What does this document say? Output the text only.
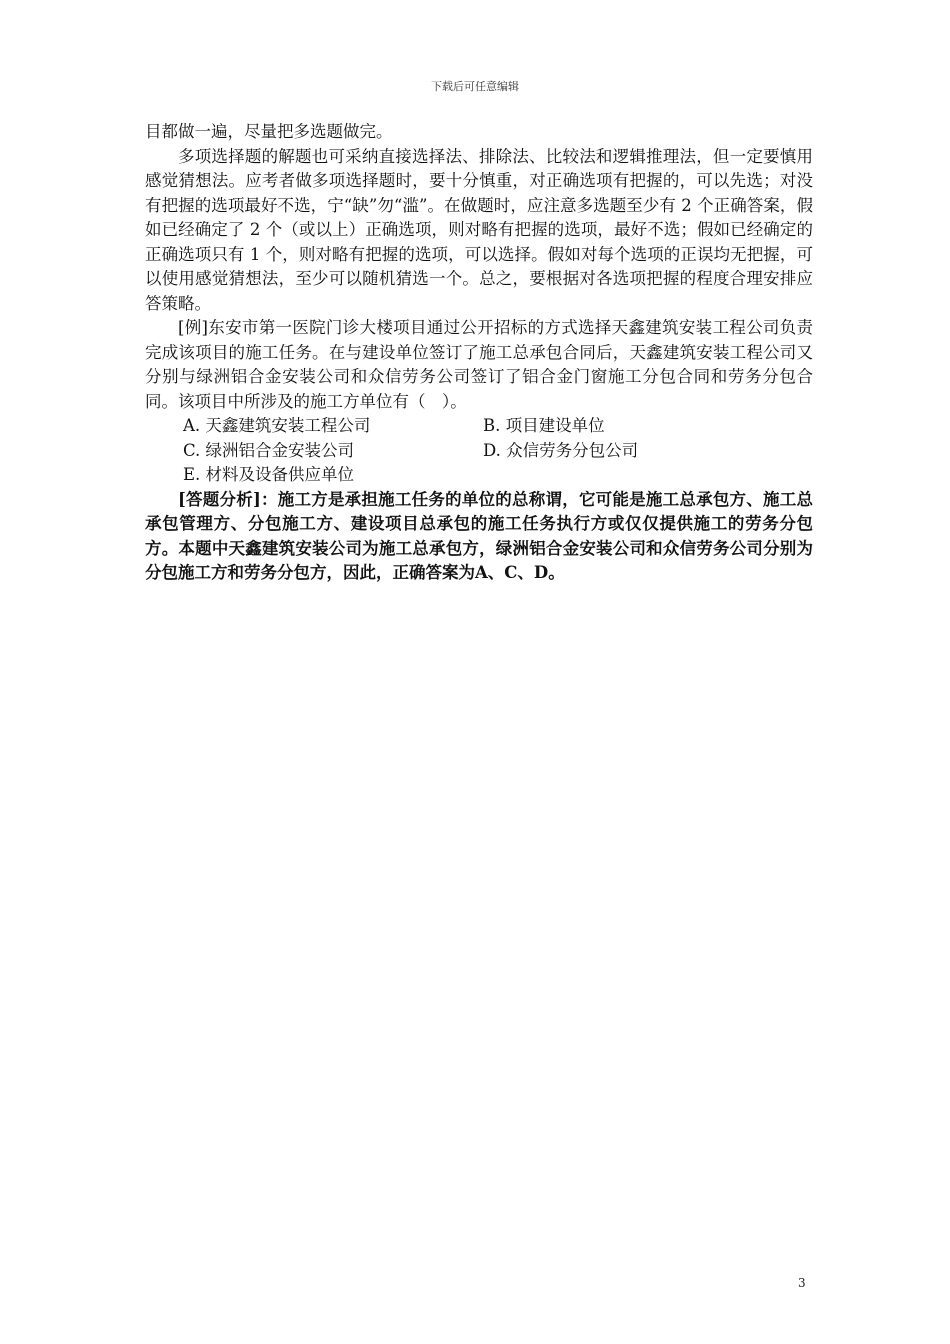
下载后可任意编辑

目都做一遍，尽量把多选题做完。

多项选择题的解题也可采纳直接选择法、排除法、比较法和逻辑推理法，但一定要慎用感觉猜想法。应考者做多项选择题时，要十分慎重，对正确选项有把握的，可以先选；对没有把握的选项最好不选，宁“缺”勿“滥”。在做题时，应注意多选题至少有 2 个正确答案，假如已经确定了 2 个（或以上）正确选项，则对略有把握的选项，最好不选；假如已经确定的正确选项只有 1 个，则对略有把握的选项，可以选择。假如对每个选项的正误均无把握，可以使用感觉猜想法，至少可以随机猜选一个。总之，要根据对各选项把握的程度合理安排应答策略。

[例]东安市第一医院门诊大楼项目通过公开招标的方式选择天鑫建筑安装工程公司负责完成该项目的施工任务。在与建设单位签订了施工总承包合同后，天鑫建筑安装工程公司又分别与绿洲铝合金安装公司和众信劳务公司签订了铝合金门窗施工分包合同和劳务分包合同。该项目中所涉及的施工方单位有（　）。

A. 天鑫建筑安装工程公司	B. 项目建设单位
C. 绿洲铝合金安装公司	D. 众信劳务分包公司
E. 材料及设备供应单位

[答题分析]：施工方是承担施工任务的单位的总称谓，它可能是施工总承包方、施工总承包管理方、分包施工方、建设项目总承包的施工任务执行方或仅仅提供施工的劳务分包方。本题中天鑫建筑安装公司为施工总承包方，绿洲铝合金安装公司和众信劳务公司分别为分包施工方和劳务分包方，因此，正确答案为A、C、D。

3
